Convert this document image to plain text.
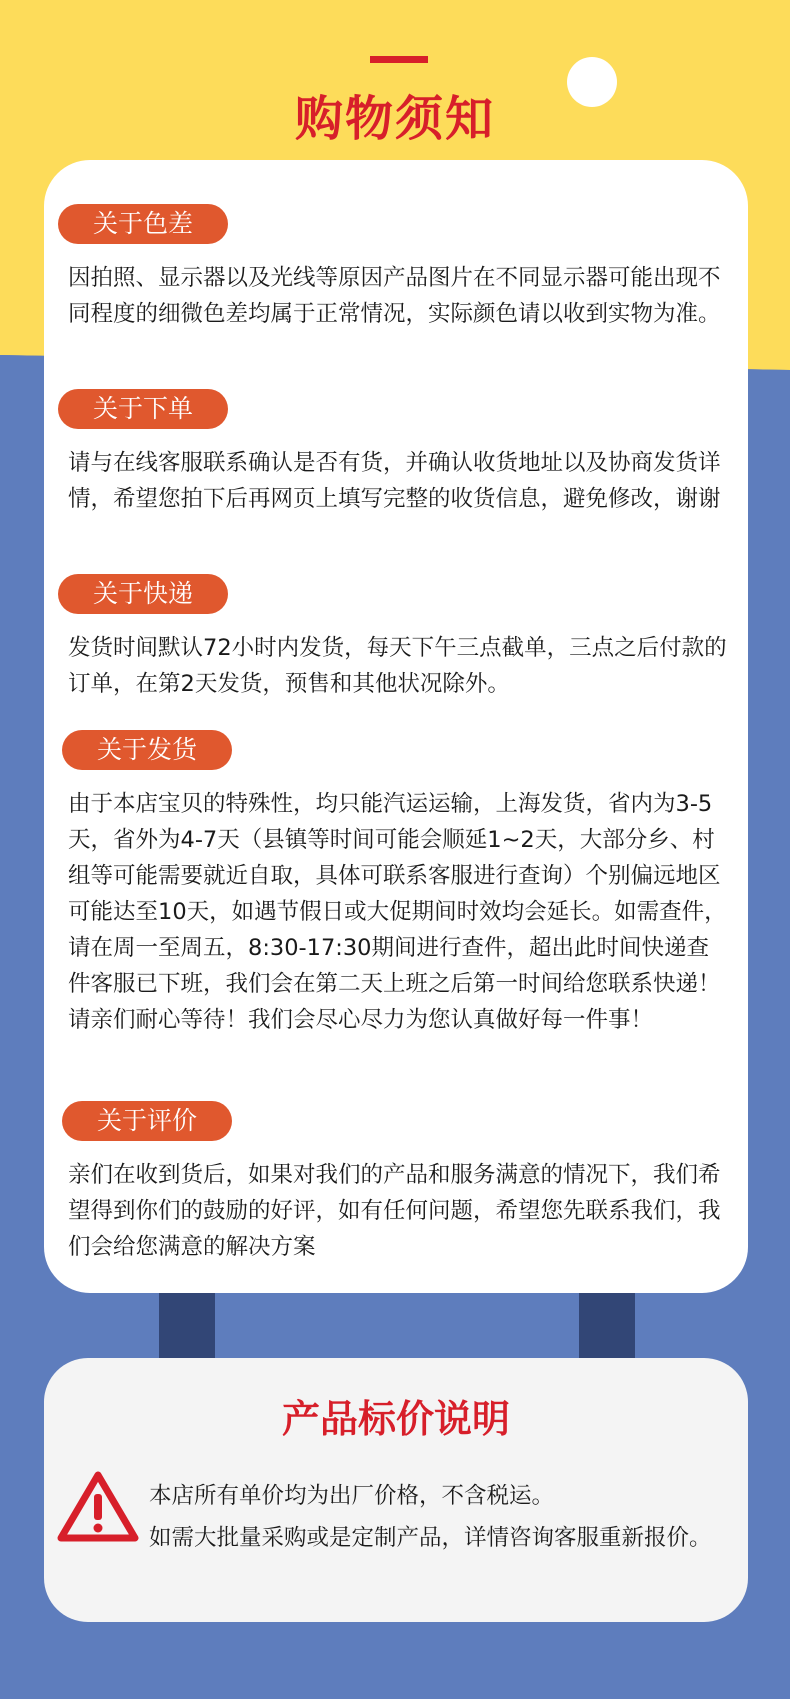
购物须知
关于色差
因拍照、显示器以及光线等原因产品图片在不同显示器可能出现不同程度的细微色差均属于正常情况，实际颜色请以收到实物为准。
关于下单
请与在线客服联系确认是否有货，并确认收货地址以及协商发货详情，希望您拍下后再网页上填写完整的收货信息，避免修改，谢谢
关于快递
发货时间默认72小时内发货，每天下午三点截单，三点之后付款的订单，在第2天发货，预售和其他状况除外。
关于发货
由于本店宝贝的特殊性，均只能汽运运输，上海发货，省内为3-5天，省外为4-7天（县镇等时间可能会顺延1~2天，大部分乡、村组等可能需要就近自取，具体可联系客服进行查询）个别偏远地区可能达至10天，如遇节假日或大促期间时效均会延长。如需查件，请在周一至周五，8:30-17:30期间进行查件，超出此时间快递查件客服已下班，我们会在第二天上班之后第一时间给您联系快递！请亲们耐心等待！我们会尽心尽力为您认真做好每一件事！
关于评价
亲们在收到货后，如果对我们的产品和服务满意的情况下，我们希望得到你们的鼓励的好评，如有任何问题，希望您先联系我们，我们会给您满意的解决方案
产品标价说明
本店所有单价均为出厂价格，不含税运。
如需大批量采购或是定制产品，详情咨询客服重新报价。
